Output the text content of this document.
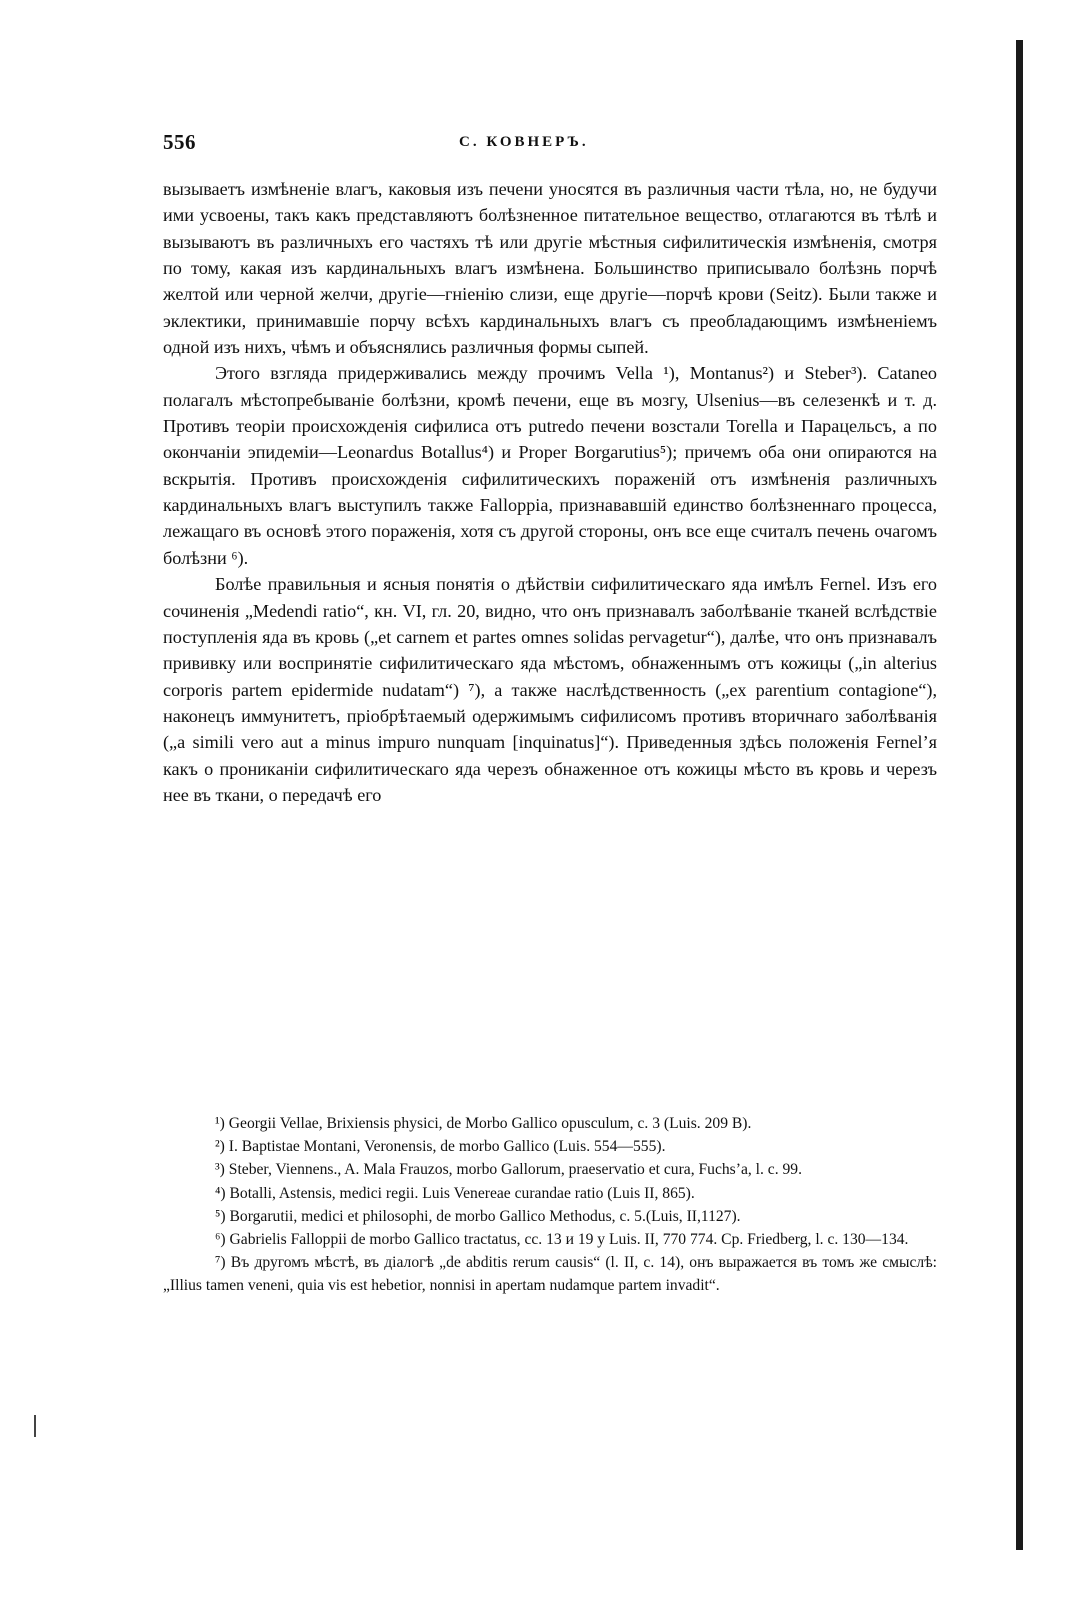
556	С. КОВНЕРЪ.

вызываетъ измѣненіе влагъ, каковыя изъ печени уносятся въ различныя части тѣла, но, не будучи ими усвоены, такъ какъ представляютъ болѣзненное питательное вещество, отлагаются въ тѣлѣ и вызываютъ въ различныхъ его частяхъ тѣ или другіе мѣстныя сифилитическія измѣненія, смотря по тому, какая изъ кардинальныхъ влагъ измѣнена. Большинство приписывало болѣзнь порчѣ желтой или черной желчи, другіе—гніенію слизи, еще другіе—порчѣ крови (Seitz). Были также и эклектики, принимавшіе порчу всѣхъ кардинальныхъ влагъ съ преобладающимъ измѣненіемъ одной изъ нихъ, чѣмъ и объяснялись различныя формы сыпей.

Этого взгляда придерживались между прочимъ Vella ¹), Montanus²) и Steber³). Cataneo полагалъ мѣстопребываніе болѣзни, кромѣ печени, еще въ мозгу, Ulsenius—въ селезенкѣ и т. д. Противъ теоріи происхожденія сифилиса отъ putredo печени возстали Torella и Парацельсъ, а по окончаніи эпидеміи—Leonardus Botallus⁴) и Proper Borgarutius⁵); причемъ оба они опираются на вскрытія. Противъ происхожденія сифилитическихъ пораженій отъ измѣненія различныхъ кардинальныхъ влагъ выступилъ также Falloppia, признававшій единство болѣзненнаго процесса, лежащаго въ основѣ этого пораженія, хотя съ другой стороны, онъ все еще считалъ печень очагомъ болѣзни ⁶).

Болѣе правильныя и ясныя понятія о дѣйствіи сифилитическаго яда имѣлъ Fernel. Изъ его сочиненія „Medendi ratio“, кн. VI, гл. 20, видно, что онъ признавалъ заболѣваніе тканей вслѣдствіе поступленія яда въ кровь („et carnem et partes omnes solidas pervagetur“), далѣе, что онъ признавалъ прививку или воспринятіе сифилитическаго яда мѣстомъ, обнаженнымъ отъ кожицы („in alterius corporis partem epidermide nudatam“) ⁷), а также наслѣдственность („ex parentium contagione“), наконецъ иммунитетъ, пріобрѣтаемый одержимымъ сифилисомъ противъ вторичнаго заболѣванія („a simili vero aut a minus impuro nunquam [inquinatus]“). Приведенныя здѣсь положенія Fernel’я какъ о проникaніи сифилитическаго яда черезъ обнаженное отъ кожицы мѣсто въ кровь и черезъ нее въ ткани, о передачѣ его

¹) Georgii Vellae, Brixiensis physici, de Morbo Gallico opusculum, c. 3 (Luis. 209 B).

²) I. Baptistae Montani, Veronensis, de morbo Gallico (Luis. 554—555).

³) Steber, Viennens., A. Mala Frauzos, morbo Gallorum, praeservatio et cura, Fuchs’a, l. c. 99.

⁴) Botalli, Astensis, medici regii. Luis Venereae curandae ratio (Luis II, 865).

⁵) Borgarutii, medici et philosophi, de morbo Gallico Methodus, c. 5.(Luis, II,1127).

⁶) Gabrielis Falloppii de morbo Gallico tractatus, cc. 13 и 19 y Luis. II, 770 774. Cp. Friedberg, l. c. 130—134.

⁷) Въ другомъ мѣстѣ, въ діалогѣ „de abditis rerum causis“ (l. II, c. 14), онъ выражается въ томъ же смыслѣ: „Illius tamen veneni, quia vis est hebetior, nonnisi in apertam nudamque partem invadit“.
